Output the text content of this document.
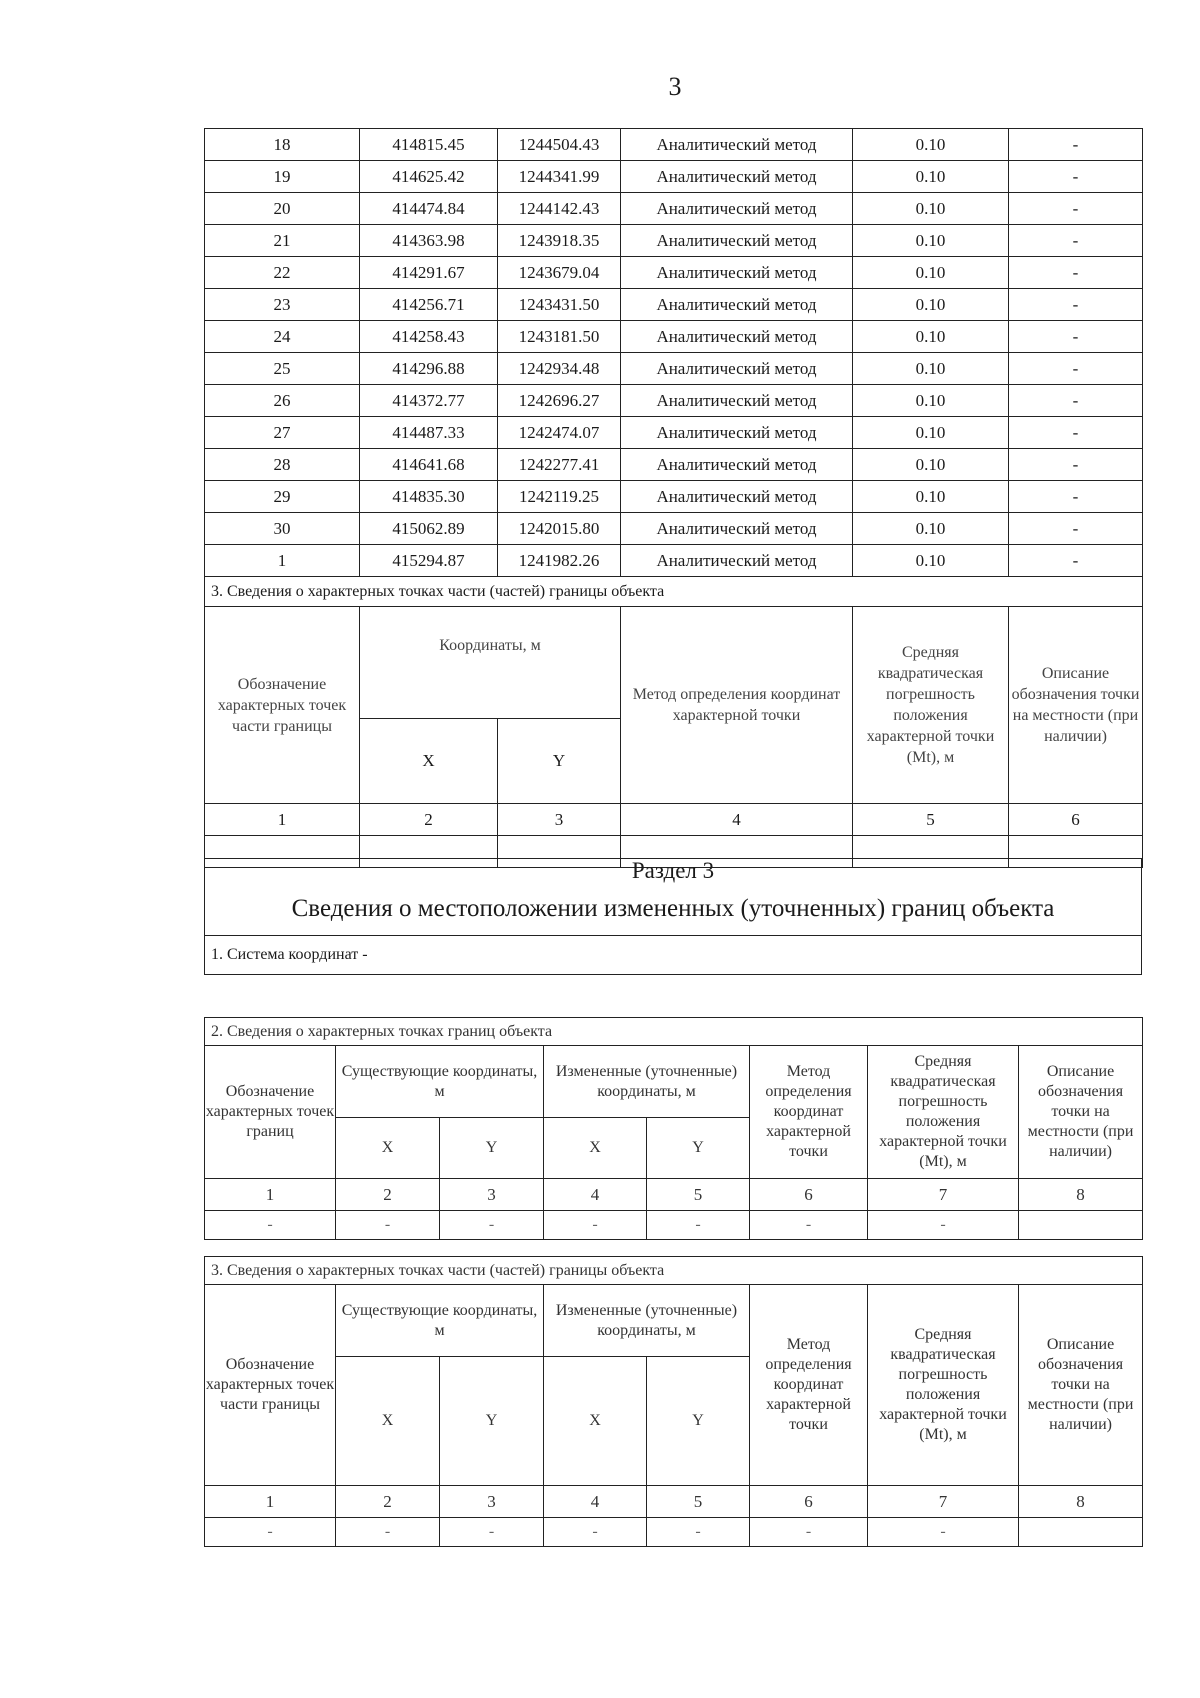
3
18	414815.45	1244504.43	Аналитический метод	0.10	-
19	414625.42	1244341.99	Аналитический метод	0.10	-
20	414474.84	1244142.43	Аналитический метод	0.10	-
21	414363.98	1243918.35	Аналитический метод	0.10	-
22	414291.67	1243679.04	Аналитический метод	0.10	-
23	414256.71	1243431.50	Аналитический метод	0.10	-
24	414258.43	1243181.50	Аналитический метод	0.10	-
25	414296.88	1242934.48	Аналитический метод	0.10	-
26	414372.77	1242696.27	Аналитический метод	0.10	-
27	414487.33	1242474.07	Аналитический метод	0.10	-
28	414641.68	1242277.41	Аналитический метод	0.10	-
29	414835.30	1242119.25	Аналитический метод	0.10	-
30	415062.89	1242015.80	Аналитический метод	0.10	-
1	415294.87	1241982.26	Аналитический метод	0.10	-
3. Сведения о характерных точках части (частей) границы объекта					
Обозначение характерных точек части границы	Координаты, м		Метод определения координат характерной точки	Средняя квадратическая погрешность положения характерной точки (Mt), м	Описание обозначения точки на местности (при наличии)
	X	Y			
1	2	3	4	5	6

Раздел 3
Сведения о местоположении измененных (уточненных) границ объекта
1. Система координат -
2. Сведения о характерных точках границ объекта							
Обозначение характерных точек границ	Существующие координаты, м		Измененные (уточненные) координаты, м		Метод определения координат характерной точки	Средняя квадратическая погрешность положения характерной точки (Mt), м	Описание обозначения точки на местности (при наличии)
	X	Y	X	Y			
1	2	3	4	5	6	7	8
-	-	-	-	-	-	-	
3. Сведения о характерных точках части (частей) границы объекта							
Обозначение характерных точек части границы	Существующие координаты, м		Измененные (уточненные) координаты, м		Метод определения координат характерной точки	Средняя квадратическая погрешность положения характерной точки (Mt), м	Описание обозначения точки на местности (при наличии)
	X	Y	X	Y			
1	2	3	4	5	6	7	8
-	-	-	-	-	-	-	
